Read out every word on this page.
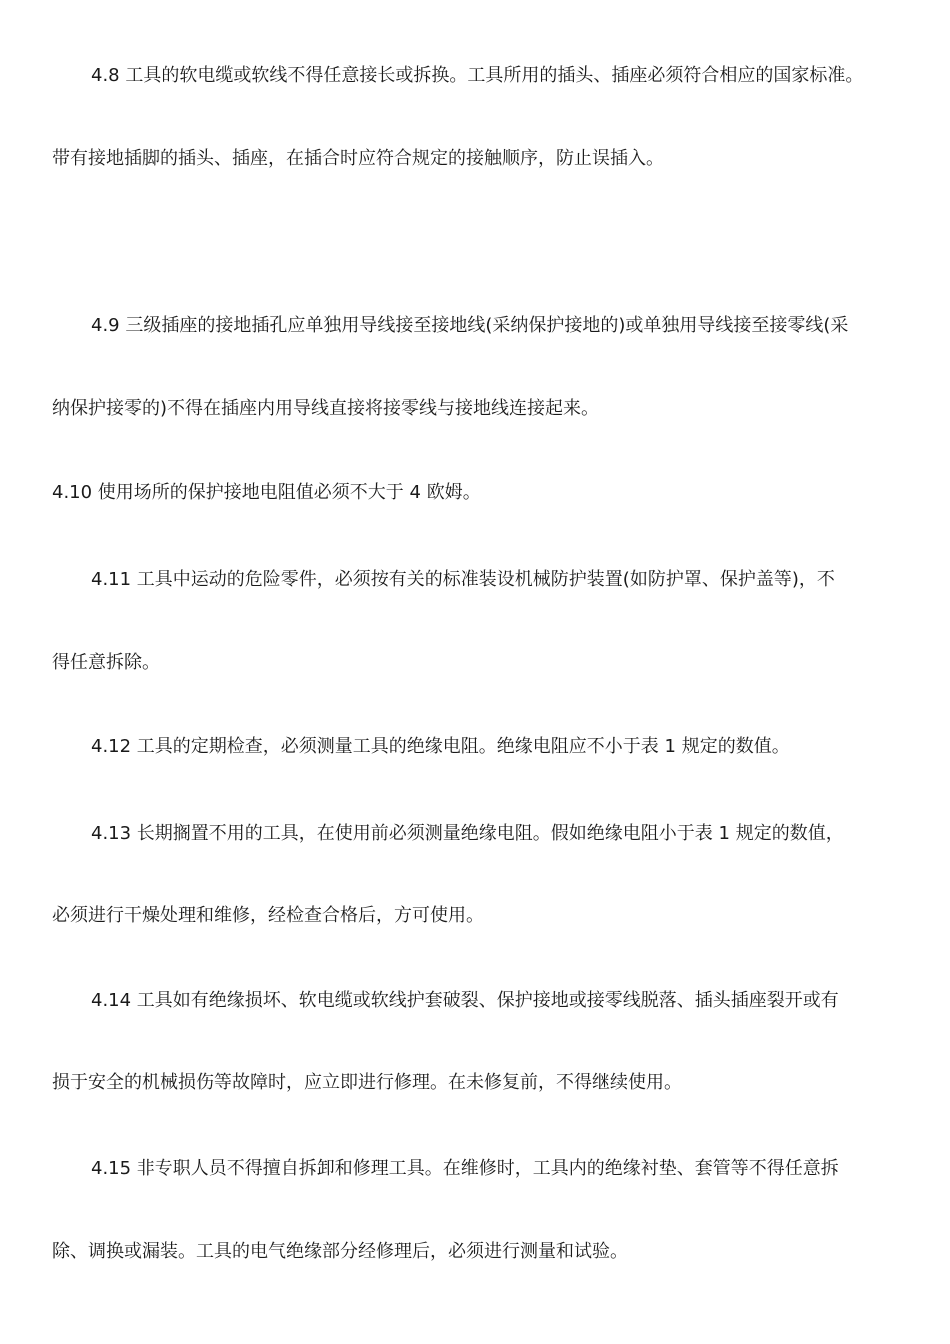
4.8 工具的软电缆或软线不得任意接长或拆换。工具所用的插头、插座必须符合相应的国家标准。
带有接地插脚的插头、插座，在插合时应符合规定的接触顺序，防止误插入。
4.9 三级插座的接地插孔应单独用导线接至接地线(采纳保护接地的)或单独用导线接至接零线(采
纳保护接零的)不得在插座内用导线直接将接零线与接地线连接起来。
4.10 使用场所的保护接地电阻值必须不大于 4 欧姆。
4.11 工具中运动的危险零件，必须按有关的标准装设机械防护装置(如防护罩、保护盖等)，不
得任意拆除。
4.12 工具的定期检查，必须测量工具的绝缘电阻。绝缘电阻应不小于表 1 规定的数值。
4.13 长期搁置不用的工具，在使用前必须测量绝缘电阻。假如绝缘电阻小于表 1 规定的数值，
必须进行干燥处理和维修，经检查合格后，方可使用。
4.14 工具如有绝缘损坏、软电缆或软线护套破裂、保护接地或接零线脱落、插头插座裂开或有
损于安全的机械损伤等故障时，应立即进行修理。在未修复前，不得继续使用。
4.15 非专职人员不得擅自拆卸和修理工具。在维修时，工具内的绝缘衬垫、套管等不得任意拆
除、调换或漏装。工具的电气绝缘部分经修理后，必须进行测量和试验。
